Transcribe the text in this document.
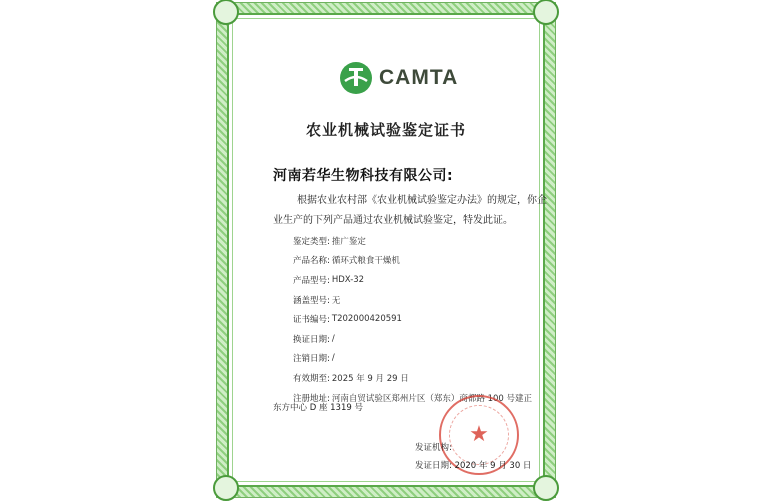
CAMTA
农业机械试验鉴定证书
河南若华生物科技有限公司:
根据农业农村部《农业机械试验鉴定办法》的规定，你企业生产的下列产品通过农业机械试验鉴定，特发此证。
鉴定类型: 推广鉴定
产品名称: 循环式粮食干燥机
产品型号: HDX-32
涵盖型号: 无
证书编号: T202000420591
换证日期: /
注销日期: /
有效期至: 2025 年 9 月 29 日
注册地址: 河南自贸试验区郑州片区（郑东）商都路 100 号建正
东方中心 D 座 1319 号
★
发证机构:
发证日期: 2020 年 9 月 30 日
